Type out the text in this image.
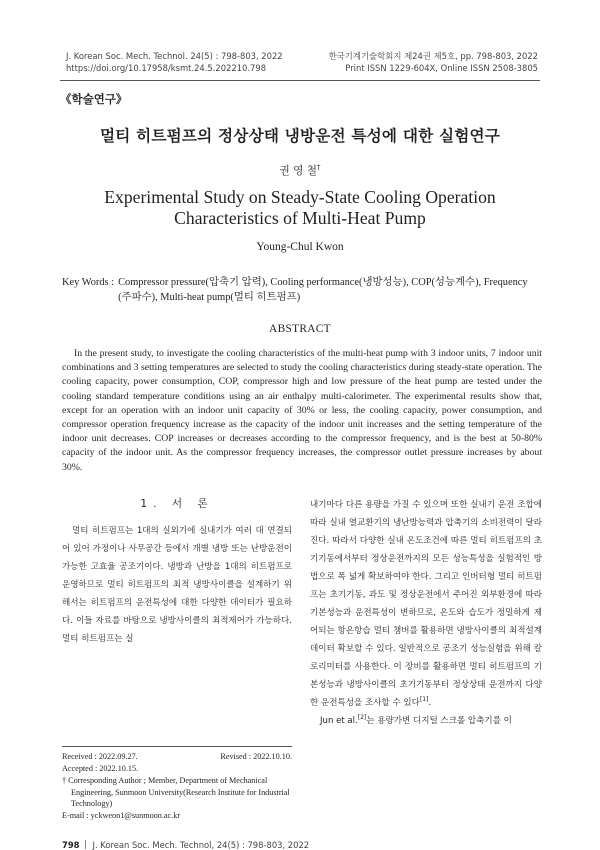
J. Korean Soc. Mech. Technol. 24(5) : 798-803, 2022
https://doi.org/10.17958/ksmt.24.5.202210.798
한국기계기술학회지 제24권 제5호, pp. 798-803, 2022
Print ISSN 1229-604X, Online ISSN 2508-3805
《학술연구》
멀티 히트펌프의 정상상태 냉방운전 특성에 대한 실험연구
권 영 철†
Experimental Study on Steady-State Cooling Operation
Characteristics of Multi-Heat Pump
Young-Chul Kwon
Key Words : Compressor pressure(압축기 압력), Cooling performance(냉방성능), COP(성능계수), Frequency (주파수), Multi-heat pump(멀티 히트펌프)
ABSTRACT

In the present study, to investigate the cooling characteristics of the multi-heat pump with 3 indoor units, 7 indoor unit combinations and 3 setting temperatures are selected to study the cooling characteristics during steady-state operation. The cooling capacity, power consumption, COP, compressor high and low pressure of the heat pump are tested under the cooling standard temperature conditions using an air enthalpy multi-calorimeter. The experimental results show that, except for an operation with an indoor unit capacity of 30% or less, the cooling capacity, power consumption, and compressor operation frequency increase as the capacity of the indoor unit increases and the setting temperature of the indoor unit decreases. COP increases or decreases according to the compressor frequency, and is the best at 50-80% capacity of the indoor unit. As the compressor frequency increases, the compressor outlet pressure increases by about 30%.

1. 서 론

멀티 히트펌프는 1대의 실외기에 실내기가 여러 대 연결되어 있어 가정이나 사무공간 등에서 개별 냉방 또는 난방운전이 가능한 고효율 공조기이다. 냉방과 난방을 1대의 히트펌프로 운영하므로 멀티 히트펌프의 최적 냉방사이클을 설계하기 위해서는 히트펌프의 운전특성에 대한 다양한 데이터가 필요하다. 이들 자료를 바탕으로 냉방사이클의 최적제어가 가능하다. 멀티 히트펌프는 실

내기마다 다른 용량을 가질 수 있으며 또한 실내기 운전 조합에 따라 실내 열교환기의 냉난방능력과 압축기의 소비전력이 달라진다. 따라서 다양한 실내 온도조건에 따른 멀티 히트펌프의 초기기동에서부터 정상운전까지의 모든 성능특성을 실험적인 방법으로 폭 넓게 확보하여야 한다. 그리고 인버터형 멀티 히트펌프는 초기기동, 과도 및 정상운전에서 주어진 외부환경에 따라 기본성능과 운전특성이 변하므로, 온도와 습도가 정밀하게 제어되는 항온항습 멀티 챔버를 활용하면 냉방사이클의 최적설계 데이터 확보할 수 있다. 일반적으로 공조기 성능실험을 위해 칼로리미터를 사용한다. 이 장비를 활용하면 멀티 히트펌프의 기본성능과 냉방사이클의 초기기동부터 정상상태 운전까지 다양한 운전특성을 조사할 수 있다[1].

Jun et al.[2]는 용량가변 디지털 스크롤 압축기를 이

Received : 2022.09.27.	Revised : 2022.10.10.
Accepted : 2022.10.15.
† Corresponding Author ; Member, Department of Mechanical Engineering, Sunmoon University(Research Institute for Industrial Technology)
E-mail : yckweon1@sunmoon.ac.kr
798 J. Korean Soc. Mech. Technol, 24(5) : 798-803, 2022
